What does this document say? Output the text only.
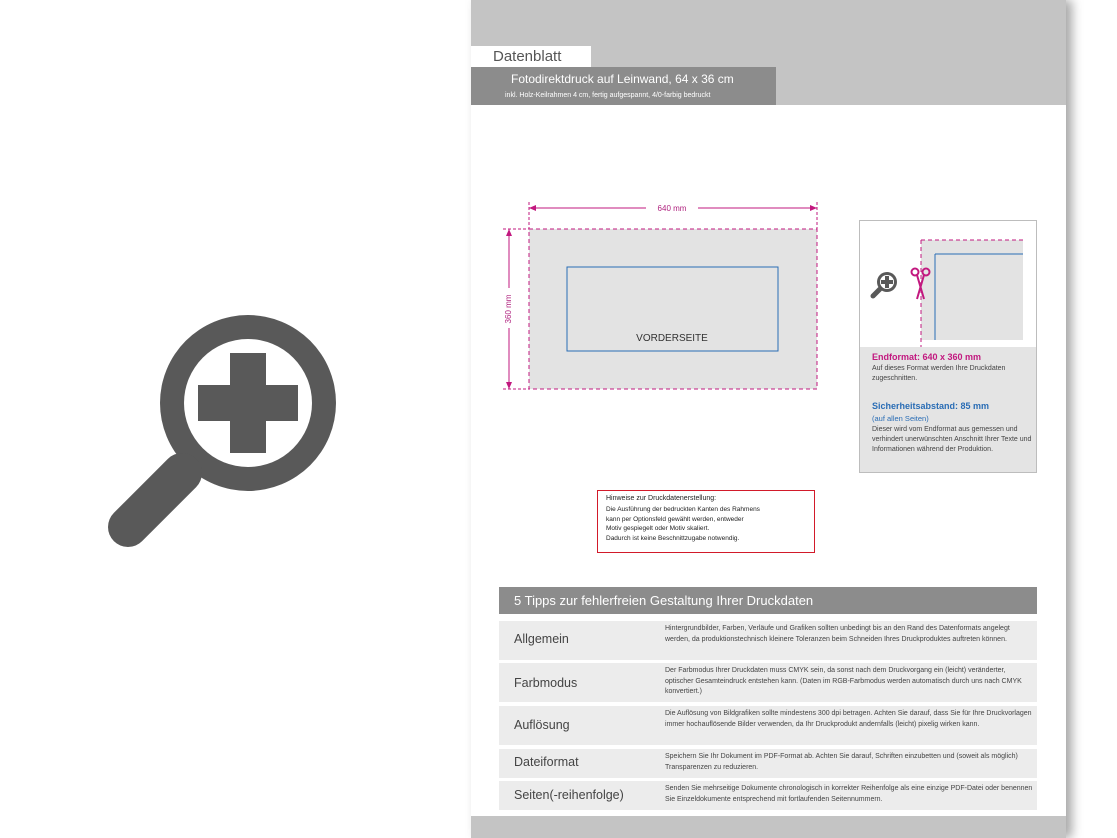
Datenblatt
Fotodirektdruck auf Leinwand, 64 x 36 cm
inkl. Holz-Keilrahmen 4 cm, fertig aufgespannt, 4/0-farbig bedruckt
VORDERSEITE
640 mm
360 mm
Endformat: 640 x 360 mm
Auf dieses Format werden Ihre Druckdaten zugeschnitten.
Sicherheitsabstand: 85 mm
(auf allen Seiten)
Dieser wird vom Endformat aus gemessen und verhindert unerwünschten Anschnitt Ihrer Texte und Informationen während der Produktion.
Hinweise zur Druckdatenerstellung:
Die Ausführung der bedruckten Kanten des Rahmens
kann per Optionsfeld gewählt werden, entweder
Motiv gespiegelt oder Motiv skaliert.
Dadurch ist keine Beschnittzugabe notwendig.
5 Tipps zur fehlerfreien Gestaltung Ihrer Druckdaten
Allgemein
Hintergrundbilder, Farben, Verläufe und Grafiken sollten unbedingt bis an den Rand des Datenformats angelegt werden, da produktionstechnisch kleinere Toleranzen beim Schneiden Ihres Druckproduktes auftreten können.
Farbmodus
Der Farbmodus Ihrer Druckdaten muss CMYK sein, da sonst nach dem Druckvorgang ein (leicht) veränderter, optischer Gesamteindruck entstehen kann. (Daten im RGB-Farbmodus werden automatisch durch uns nach CMYK konvertiert.)
Auflösung
Die Auflösung von Bildgrafiken sollte mindestens 300 dpi betragen. Achten Sie darauf, dass Sie für Ihre Druckvorlagen immer hochauflösende Bilder verwenden, da Ihr Druckprodukt andernfalls (leicht) pixelig wirken kann.
Dateiformat	Speichern Sie Ihr Dokument im PDF-Format ab. Achten Sie darauf, Schriften einzubetten und (soweit als möglich) Transparenzen zu reduzieren.
Seiten(-reihenfolge)	Senden Sie mehrseitige Dokumente chronologisch in korrekter Reihenfolge als eine einzige PDF-Datei oder benennen Sie Einzeldokumente entsprechend mit fortlaufenden Seitennummern.
